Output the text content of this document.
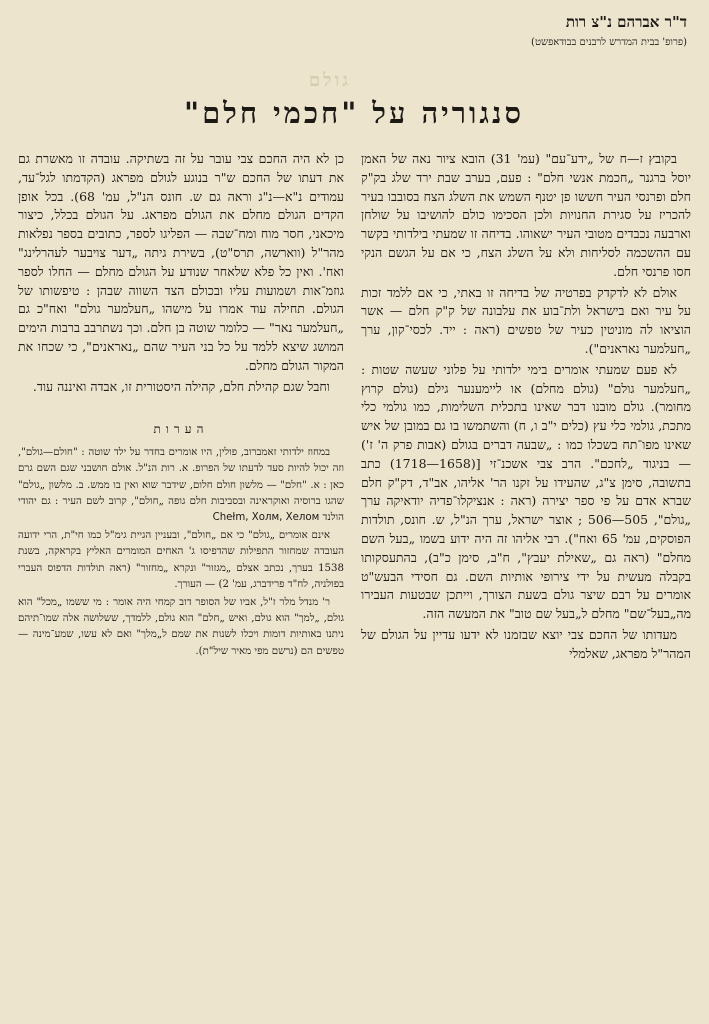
ד"ר אברהם נ"צ רות
(פרופ' בבית המדרש לרבנים בבודאפשט)
גולם
סנגוריה על "חכמי חלם"

בקובץ ז—ח של „ידע־עם" (עמ' 31) הובא ציור נאה של האמן יוסל ברגנר „חכמת אנשי חלם" : פעם, בערב שבת ירד שלג בק"ק חלם ופרנסי העיר חששו פן יטנף השמש את השלג הצח בסובבו בעיר להכריז על סגירת החנויות ולכן הסכימו כולם להושיבו על שולחן וארבעה נכבדים מטובי העיר ישאוהו. בדיחה זו שמעתי בילדותי בקשר עם ההשכמה לסליחות ולא על השלג הצח, כי אם על הגשם הנקי חסו פרנסי חלם.

אולם לא לדקדק בפרטיה של בדיחה זו באתי, כי אם ללמד זכות על עיר ואם בישראל ולת־בוע את עלבונה של ק"ק חלם — אשר הוציאו לה מוניטין כעיר של טפשים (ראה : ייד. לכסי־קון, ערך „חעלמער נאראנים").

לא פעם שמעתי אומרים בימי ילדותי על פלוני שעשה שטות : „חעלמער גולם" (גולם מחלם) או ליימענער גילם (גולם קרוץ מחומר). גולם מובנו דבר שאינו בתכלית השלימות, כמו גולמי כלי מתכת, גולמי כלי עץ (כלים י"ב ו, ח) והשתמשו בו גם במובן של איש שאינו מפו־תח בשכלו כמו : „שבעה דברים בגולם (אבות פרק ה' ז') — בניגוד „לחכם". הרב צבי אשכנ־זי [(1658—1718) כתב בתשובה, סימן צ"ג, שהעידו על זקנו הר' אליהו, אב"ד, דק"ק חלם שברא אדם על פי ספר יצירה (ראה : אנציקלו־פדיה יודאיקה ערך „גולם", 505—506 ; אוצר ישראל, ערך הנ"ל, ש. חונס, תולדות הפוסקים, עמ' 65 ואח"). רבי אליהו זה היה ידוע בשמו „בעל השם מחלם" (ראה גם „שאילת יעבץ", ח"ב, סימן כ"ב), בהתעסקותו בקבלה מעשית על ידי צירופי אותיות השם. גם חסידי הבעש"ט אומרים על רבם שיצר גולם בשעת הצורך, וייתכן שבטעות העבירו מה„בעל־שם" מחלם ל„בעל שם טוב" את המעשה הזה.

מעדותו של החכם צבי יוצא שבזמנו לא ידעו עדיין על הגולם של המהר"ל מפראג, שאלמלי

כן לא היה החכם צבי עובר על זה בשתיקה. עובדה זו מאשרת גם את דעתו של החכם ש"ר בנוגע לגולם מפראג (הקדמתו לגל־עד, עמודים נ"א—נ"ג וראה גם ש. חונס הנ"ל, עמ' 68). בכל אופן הקדים הגולם מחלם את הגולם מפראג. על הגולם בכלל, כיצור מיכאני, חסר מוח ומח־שבה — הפליגו לספר, כתובים בספר נפלאות מהר"ל (ווארשה, תרס"ט), בשירת גיתה „דער צויבער לעהרלינג" ואח'. ואין כל פלא שלאחר שנודע על הגולם מחלם — החלו לספר גוזמ־אות ושמועות עליו ובכולם הצד השווה שבהן : טיפשותו של הגולם. תחילה עוד אמרו על מישהו „חעלמער גולם" ואח"כ גם „חעלמער נאר" — כלומר שוטה בן חלם. וכך נשתרבב ברבות הימים המושג שיצא ללמד על כל בני העיר שהם „נאראנים", כי שכחו את המקור הגולם מחלם.

וחבל שגם קהילת חלם, קהילה היסטורית זו, אבדה ואיננה עוד.

הערות

במחוז ילדותי זאמברוב, פולין, היו אומרים בחדר על ילד שוטה : "חולם—גולם", וזה יכול להיות סעד לדעתו של הפרופ. א. רות הנ"ל. אולם חושבני שגם השם גרם כאן : א. "חלם" — מלשון חולם חלום, שידבר שוא ואין בו ממש. ב. מלשון „גולם" שהגו ברוסיה ואוקראינה ובסביבות חלם גופה „חולם", קרוב לשם העיר : גם יהודי הולנד Chełm, Холм, Хелом

אינם אומרים „גולם" כי אם „חולם", ובעניין הגיית גימ"ל כמו חי"ת, הרי ידועה העובדה שמחזור התפילות שהדפיסו ג' האחים המומרים האליץ בקראקה, בשנת 1538 בערך, נכתב אצלם „מגזור" ונקרא „מחזור" (ראה תולדות הדפוס העברי בפולניה, לח"ד פרידברג, עמ' 2) — העורך.

ר' מנדל מלר ז"ל, אביו של הסופר דוב קמחי היה אומר : מי ששמו „מכל" הוא גולם, „למך" הוא גולם, ואיש „חלם" הוא גולם, ללמדך, ששלושה אלה שמו־תיהם ניתנו באותיות דומות ויכלו לשנות את שמם ל„מלך" ואם לא עשו, שמע־מינה — טפשים הם (נרשם מפי מאיר שיל"ת).
